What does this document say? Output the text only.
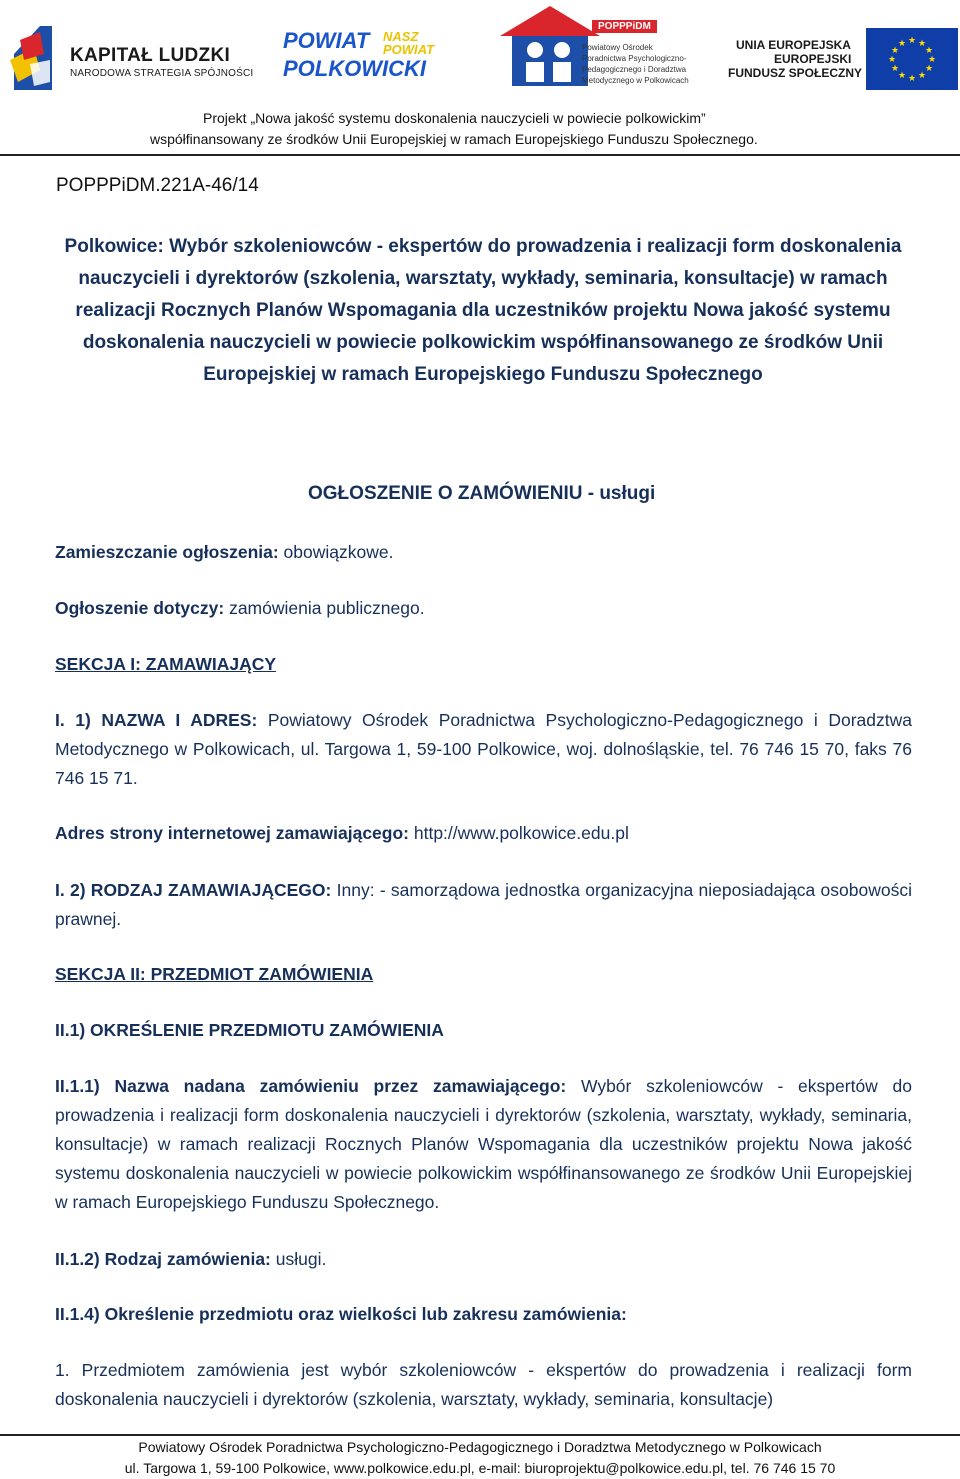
KAPITAŁ LUDZKI
NARODOWA STRATEGIA SPÓJNOŚCI
POWIAT NASZ POWIAT
POLKOWICKI
POPPPiDM
Powiatowy Ośrodek Poradnictwa Psychologiczno-Pedagogicznego i Doradztwa Metodycznego w Polkowicach
UNIA EUROPEJSKA
EUROPEJSKI
FUNDUSZ SPOŁECZNY
★ ★
★
★
★
★
★
★
★
★
★
★
Projekt „Nowa jakość systemu doskonalenia nauczycieli w powiecie polkowickim”
współfinansowany ze środków Unii Europejskiej w ramach Europejskiego Funduszu Społecznego.
POPPPiDM.221A-46/14
Polkowice: Wybór szkoleniowców - ekspertów do prowadzenia i realizacji form doskonalenia nauczycieli i dyrektorów (szkolenia, warsztaty, wykłady, seminaria, konsultacje) w ramach realizacji Rocznych Planów Wspomagania dla uczestników projektu Nowa jakość systemu doskonalenia nauczycieli w powiecie polkowickim współfinansowanego ze środków Unii Europejskiej w ramach Europejskiego Funduszu Społecznego
OGŁOSZENIE O ZAMÓWIENIU - usługi
Zamieszczanie ogłoszenia: obowiązkowe.
Ogłoszenie dotyczy: zamówienia publicznego.
SEKCJA I: ZAMAWIAJĄCY
I. 1) NAZWA I ADRES: Powiatowy Ośrodek Poradnictwa Psychologiczno-Pedagogicznego i Doradztwa Metodycznego w Polkowicach, ul. Targowa 1, 59-100 Polkowice, woj. dolnośląskie, tel. 76 746 15 70, faks 76 746 15 71.
Adres strony internetowej zamawiającego: http://www.polkowice.edu.pl
I. 2) RODZAJ ZAMAWIAJĄCEGO: Inny: - samorządowa jednostka organizacyjna nieposiadająca osobowości prawnej.
SEKCJA II: PRZEDMIOT ZAMÓWIENIA
II.1) OKREŚLENIE PRZEDMIOTU ZAMÓWIENIA
II.1.1) Nazwa nadana zamówieniu przez zamawiającego: Wybór szkoleniowców - ekspertów do prowadzenia i realizacji form doskonalenia nauczycieli i dyrektorów (szkolenia, warsztaty, wykłady, seminaria, konsultacje) w ramach realizacji Rocznych Planów Wspomagania dla uczestników projektu Nowa jakość systemu doskonalenia nauczycieli w powiecie polkowickim współfinansowanego ze środków Unii Europejskiej w ramach Europejskiego Funduszu Społecznego.
II.1.2) Rodzaj zamówienia: usługi.
II.1.4) Określenie przedmiotu oraz wielkości lub zakresu zamówienia:
1. Przedmiotem zamówienia jest wybór szkoleniowców - ekspertów do prowadzenia i realizacji form doskonalenia nauczycieli i dyrektorów (szkolenia, warsztaty, wykłady, seminaria, konsultacje)
Powiatowy Ośrodek Poradnictwa Psychologiczno-Pedagogicznego i Doradztwa Metodycznego w Polkowicach
ul. Targowa 1, 59-100 Polkowice, www.polkowice.edu.pl, e-mail: biuroprojektu@polkowice.edu.pl, tel. 76 746 15 70
